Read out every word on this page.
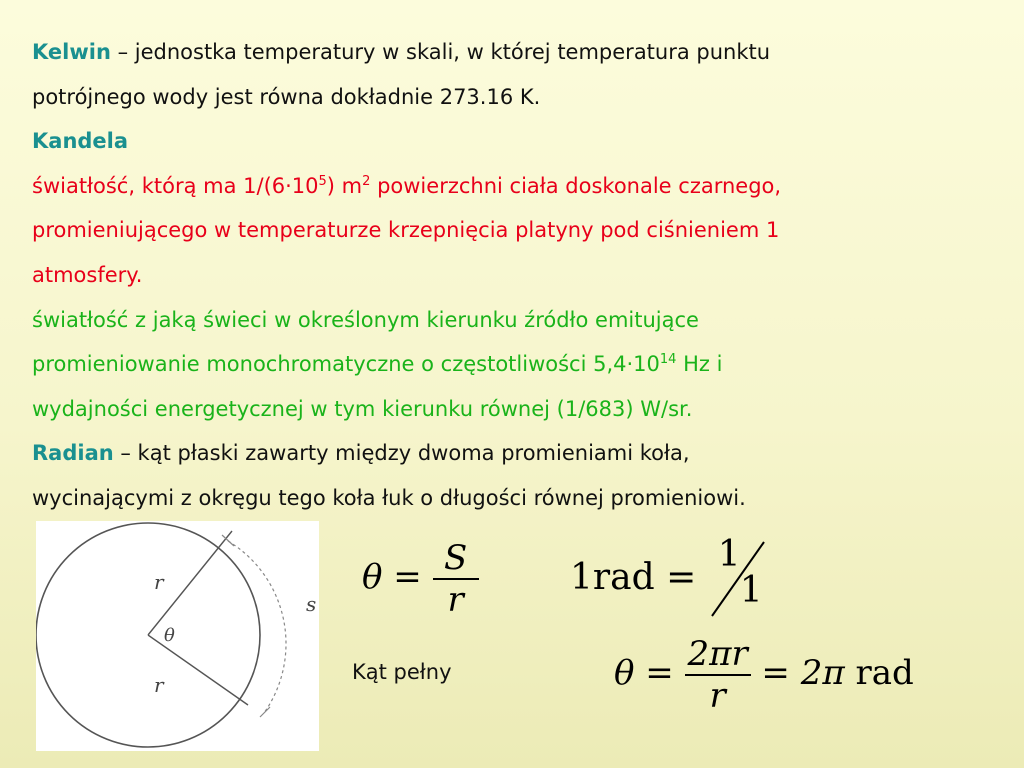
Kelwin – jednostka temperatury w skali, w której temperatura punktu
potrójnego wody jest równa dokładnie 273.16 K.
Kandela
światłość, którą ma $1/(6\cdot 10^5)$ $m^2$ powierzchni ciała doskonale czarnego,
promieniującego w temperaturze krzepnięcia platyny pod ciśnieniem 1
atmosfery.
światłość z jaką świeci w określonym kierunku źródło emitujące
promieniowanie monochromatyczne o częstotliwości $5,4\cdot 10^{14}$ Hz i
wydajności energetycznej w tym kierunku równej (1/683) W/sr.
Radian – kąt płaski zawarty między dwoma promieniami koła,
wycinającymi z okręgu tego koła łuk o długości równej promieniowi.
r
r
θ
s
$\theta = \frac{S}{r}$	1rad =
1
1
$\theta = \frac{2\pi r}{r} = 2\pi$ rad
Kąt pełny
